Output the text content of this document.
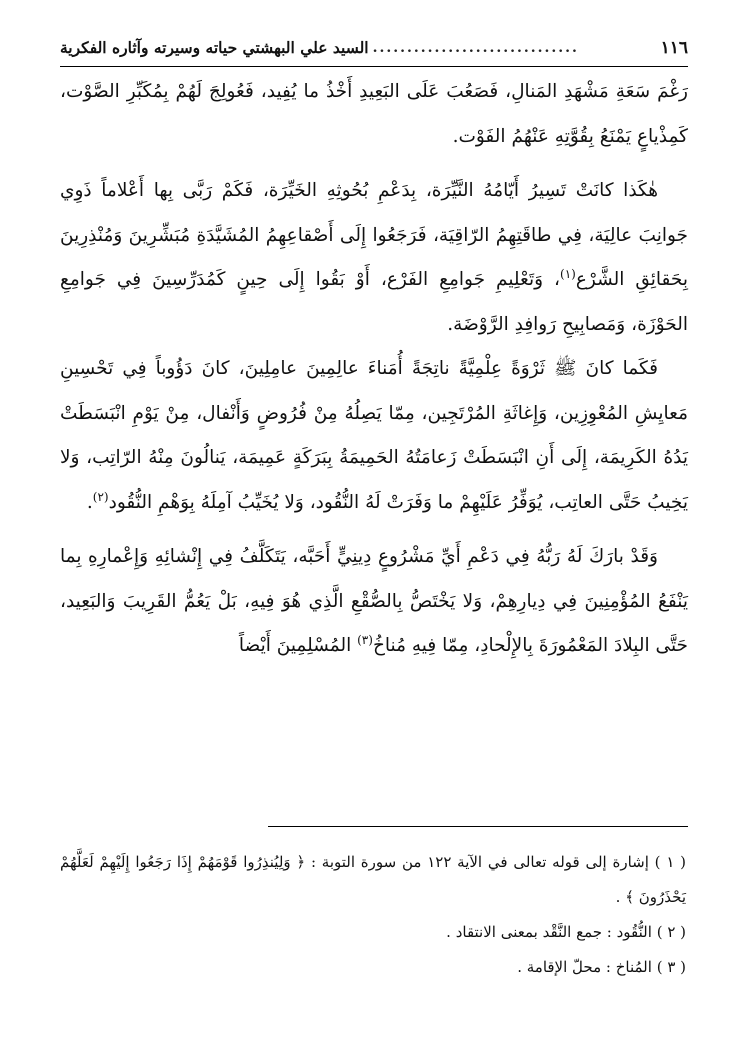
١١٦
..............................
السيد علي البهشتي حياته وسيرته وآثاره الفكرية

رَغْمَ سَعَةِ مَشْهَدِ المَنالِ، فَصَعُبَ عَلَى البَعِيدِ أَخْذُ ما يُفِيد، فَعُولِجَ لَهُمْ بِمُكَبِّرِ الصَّوْت، كَمِذْياعٍ يَمْنَعُ بِقُوَّتِهِ عَنْهُمُ الفَوْت.

هٰكَذا كانَتْ تَسِيرُ أَيّامُهُ النَّيِّرَة، بِدَعْمِ بُحُوثِهِ الخَيِّرَة، فَكَمْ رَبَّى بِها أَعْلاماً ذَوِي جَوانِبَ عالِيَة، فِي طاقَتِهِمُ الرّاقِيَة، فَرَجَعُوا إِلَى أَصْقاعِهِمُ المُشَيَّدَةِ مُبَشِّرِينَ وَمُنْذِرِينَ بِحَقائِقِ الشَّرْع$^{(١)}$، وَتَعْلِيمِ جَوامِعِ الفَرْع، أَوْ بَقُوا إِلَى حِينٍ كَمُدَرِّسِينَ فِي جَوامِعِ الحَوْزَة، وَمَصابِيحِ رَوافِدِ الرَّوْضَة.

فَكَما كانَ ﷺ ثَرْوَةً عِلْمِيَّةً ناتِجَةً أُمَناءَ عالِمِينَ عامِلِينَ، كانَ دَؤُوباً فِي تَحْسِينِ مَعايِشِ المُعْوِزِين، وَإِغاثَةِ المُرْتَجِين، مِمّا يَصِلُهُ مِنْ فُرُوضٍ وَأَنْفال، مِنْ يَوْمِ انْبَسَطَتْ يَدُهُ الكَرِيمَة، إِلَى أَنِ انْبَسَطَتْ زَعامَتُهُ الحَمِيمَةُ بِبَرَكَةٍ عَمِيمَة، يَنالُونَ مِنْهُ الرّاتِب، وَلا يَخِيبُ حَتَّى العاتِب، يُوَفِّرُ عَلَيْهِمْ ما وَفَرَتْ لَهُ النُّقُود، وَلا يُخَيِّبُ آمِلَهُ بِوَهْمِ النُّقُود$^{(٢)}$.

وَقَدْ بارَكَ لَهُ رَبُّهُ فِي دَعْمِ أَيِّ مَشْرُوعٍ دِينِيٍّ أَحَبَّه، يَتَكَلَّفُ فِي إِنْشائِهِ وَإِعْمارِهِ بِما يَنْفَعُ المُؤْمِنِينَ فِي دِيارِهِمْ، وَلا يَخْتَصُّ بِالصُّقْعِ الَّذِي هُوَ فِيهِ، بَلْ يَعُمُّ القَرِيبَ وَالبَعِيد، حَتَّى البِلادَ المَعْمُورَةَ بِالإِلْحادِ، مِمّا فِيهِ مُناخُ$^{(٣)}$ المُسْلِمِينَ أَيْضاً

( ١ ) إشارة إلى قوله تعالى في الآية ١٢٢ من سورة التوبة : ﴿ وَلِيُنذِرُوا قَوْمَهُمْ إِذَا رَجَعُوا إِلَيْهِمْ لَعَلَّهُمْ يَحْذَرُونَ ﴾ .

( ٢ ) النُّقُود : جمع النَّقْد بمعنى الانتقاد .

( ٣ ) المُناخ : محلّ الإقامة .
